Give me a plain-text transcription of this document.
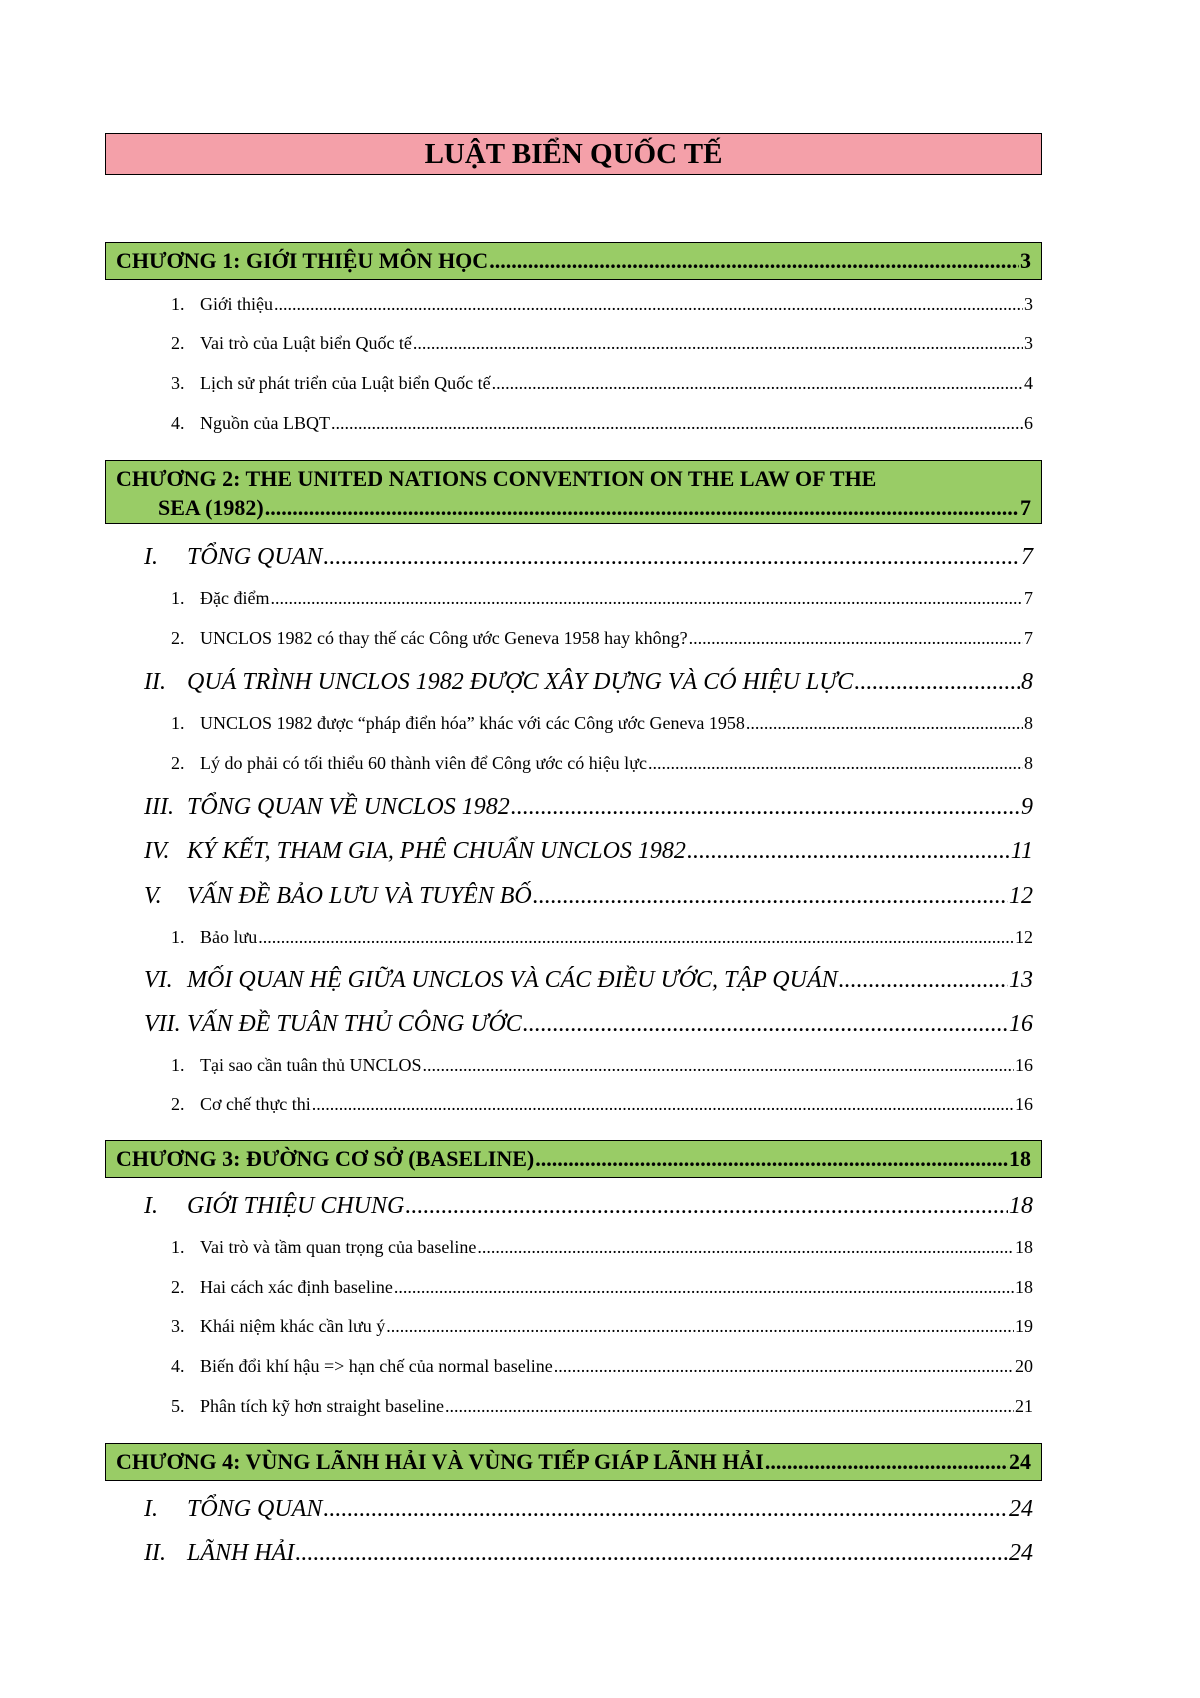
LUẬT BIỂN QUỐC TẾ
CHƯƠNG 1: GIỚI THIỆU MÔN HỌC .....	3
1. Giới thiệu .....	3
2. Vai trò của Luật biển Quốc tế .....	3
3. Lịch sử phát triển của Luật biển Quốc tế .....	4
4. Nguồn của LBQT .....	6
CHƯƠNG 2: THE UNITED NATIONS CONVENTION ON THE LAW OF THE
SEA (1982) .....	7
I.	TỔNG QUAN .....	7
1. Đặc điểm .....	7
2. UNCLOS 1982 có thay thế các Công ước Geneva 1958 hay không? .....	7
II. QUÁ TRÌNH UNCLOS 1982 ĐƯỢC XÂY DỰNG VÀ CÓ HIỆU LỰC .....	8
1. UNCLOS 1982 được “pháp điển hóa” khác với các Công ước Geneva 1958 .....	8
2. Lý do phải có tối thiểu 60 thành viên để Công ước có hiệu lực .....	8
III. TỔNG QUAN VỀ UNCLOS 1982 .....	9
IV. KÝ KẾT, THAM GIA, PHÊ CHUẨN UNCLOS 1982 .....	11
V.	VẤN ĐỀ BẢO LƯU VÀ TUYÊN BỐ .....	12
1. Bảo lưu .....	12
VI. MỐI QUAN HỆ GIỮA UNCLOS VÀ CÁC ĐIỀU ƯỚC, TẬP QUÁN .....	13
VII. VẤN ĐỀ TUÂN THỦ CÔNG ƯỚC .....	16
1. Tại sao cần tuân thủ UNCLOS .....	16
2. Cơ chế thực thi .....	16
CHƯƠNG 3: ĐƯỜNG CƠ SỞ (BASELINE) .....	18
I.	GIỚI THIỆU CHUNG .....	18
1. Vai trò và tầm quan trọng của baseline .....	18
2. Hai cách xác định baseline .....	18
3. Khái niệm khác cần lưu ý .....	19
4. Biến đổi khí hậu => hạn chế của normal baseline .....	20
5. Phân tích kỹ hơn straight baseline .....	21
CHƯƠNG 4: VÙNG LÃNH HẢI VÀ VÙNG TIẾP GIÁP LÃNH HẢI .....	24
I.	TỔNG QUAN .....	24
II. LÃNH HẢI .....	24
